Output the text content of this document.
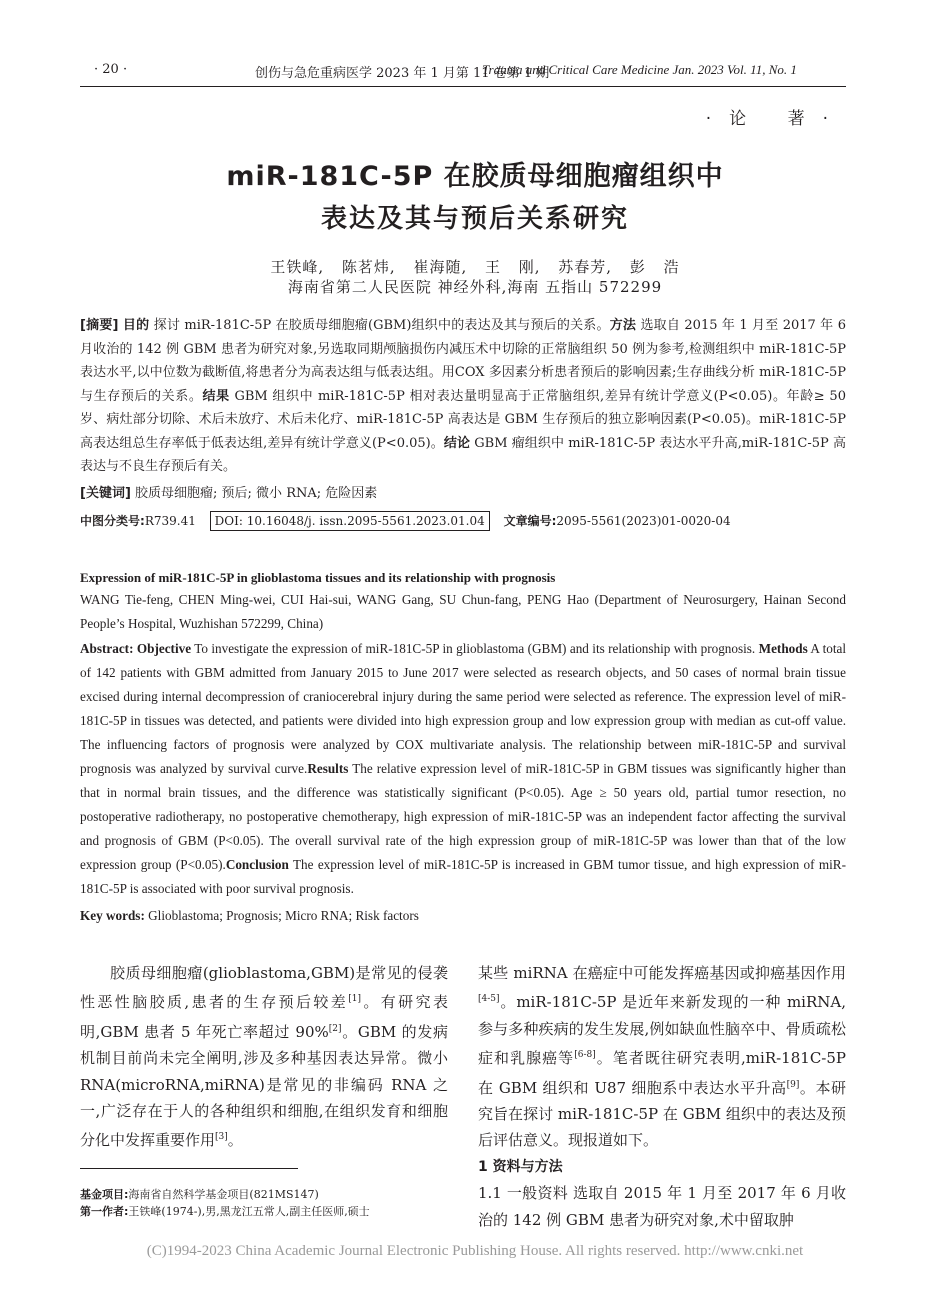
· 20 ·	创伤与急危重病医学 2023 年 1 月第 11 卷第 1 期
Trauma and Critical Care Medicine Jan. 2023 Vol. 11, No. 1
·论 著·
miR-181C-5P 在胶质母细胞瘤组织中
表达及其与预后关系研究
王铁峰, 陈茗炜, 崔海随, 王 刚, 苏春芳, 彭 浩
海南省第二人民医院 神经外科,海南 五指山 572299
[摘要] 目的 探讨 miR-181C-5P 在胶质母细胞瘤(GBM)组织中的表达及其与预后的关系。方法 选取自 2015 年 1 月至 2017 年 6 月收治的 142 例 GBM 患者为研究对象,另选取同期颅脑损伤内减压术中切除的正常脑组织 50 例为参考,检测组织中 miR-181C-5P 表达水平,以中位数为截断值,将患者分为高表达组与低表达组。用COX 多因素分析患者预后的影响因素;生存曲线分析 miR-181C-5P 与生存预后的关系。结果 GBM 组织中 miR-181C-5P 相对表达量明显高于正常脑组织,差异有统计学意义(P<0.05)。年龄≥ 50 岁、病灶部分切除、术后未放疗、术后未化疗、miR-181C-5P 高表达是 GBM 生存预后的独立影响因素(P<0.05)。miR-181C-5P 高表达组总生存率低于低表达组,差异有统计学意义(P<0.05)。结论 GBM 瘤组织中 miR-181C-5P 表达水平升高,miR-181C-5P 高表达与不良生存预后有关。
[关键词] 胶质母细胞瘤; 预后; 微小 RNA; 危险因素
中图分类号:R739.41 DOI: 10.16048/j. issn.2095-5561.2023.01.04 文章编号:2095-5561(2023)01-0020-04
Expression of miR-181C-5P in glioblastoma tissues and its relationship with prognosis
WANG Tie-feng, CHEN Ming-wei, CUI Hai-sui, WANG Gang, SU Chun-fang, PENG Hao (Department of Neurosurgery, Hainan Second People’s Hospital, Wuzhishan 572299, China)
Abstract: Objective To investigate the expression of miR-181C-5P in glioblastoma (GBM) and its relationship with prognosis. Methods A total of 142 patients with GBM admitted from January 2015 to June 2017 were selected as research objects, and 50 cases of normal brain tissue excised during internal decompression of craniocerebral injury during the same period were selected as reference. The expression level of miR-181C-5P in tissues was detected, and patients were divided into high expression group and low expression group with median as cut-off value. The influencing factors of prognosis were analyzed by COX multivariate analysis. The relationship between miR-181C-5P and survival prognosis was analyzed by survival curve.Results The relative expression level of miR-181C-5P in GBM tissues was significantly higher than that in normal brain tissues, and the difference was statistically significant (P<0.05). Age ≥ 50 years old, partial tumor resection, no postoperative radiotherapy, no postoperative chemotherapy, high expression of miR-181C-5P was an independent factor affecting the survival and prognosis of GBM (P<0.05). The overall survival rate of the high expression group of miR-181C-5P was lower than that of the low expression group (P<0.05).Conclusion The expression level of miR-181C-5P is increased in GBM tumor tissue, and high expression of miR-181C-5P is associated with poor survival prognosis.
Key words: Glioblastoma; Prognosis; Micro RNA; Risk factors
胶质母细胞瘤(glioblastoma,GBM)是常见的侵袭性恶性脑胶质,患者的生存预后较差[1]。有研究表明,GBM 患者 5 年死亡率超过 90%[2]。GBM 的发病机制目前尚未完全阐明,涉及多种基因表达异常。微小 RNA(microRNA,miRNA)是常见的非编码 RNA 之一,广泛存在于人的各种组织和细胞,在组织发育和细胞分化中发挥重要作用[3]。

某些 miRNA 在癌症中可能发挥癌基因或抑癌基因作用[4-5]。miR-181C-5P 是近年来新发现的一种 miRNA,参与多种疾病的发生发展,例如缺血性脑卒中、骨质疏松症和乳腺癌等[6-8]。笔者既往研究表明,miR-181C-5P 在 GBM 组织和 U87 细胞系中表达水平升高[9]。本研究旨在探讨 miR-181C-5P 在 GBM 组织中的表达及预后评估意义。现报道如下。

1 资料与方法

1.1 一般资料 选取自 2015 年 1 月至 2017 年 6 月收治的 142 例 GBM 患者为研究对象,术中留取肿

基金项目:海南省自然科学基金项目(821MS147)
第一作者:王铁峰(1974-),男,黑龙江五常人,副主任医师,硕士
(C)1994-2023 China Academic Journal Electronic Publishing House. All rights reserved. http://www.cnki.net
